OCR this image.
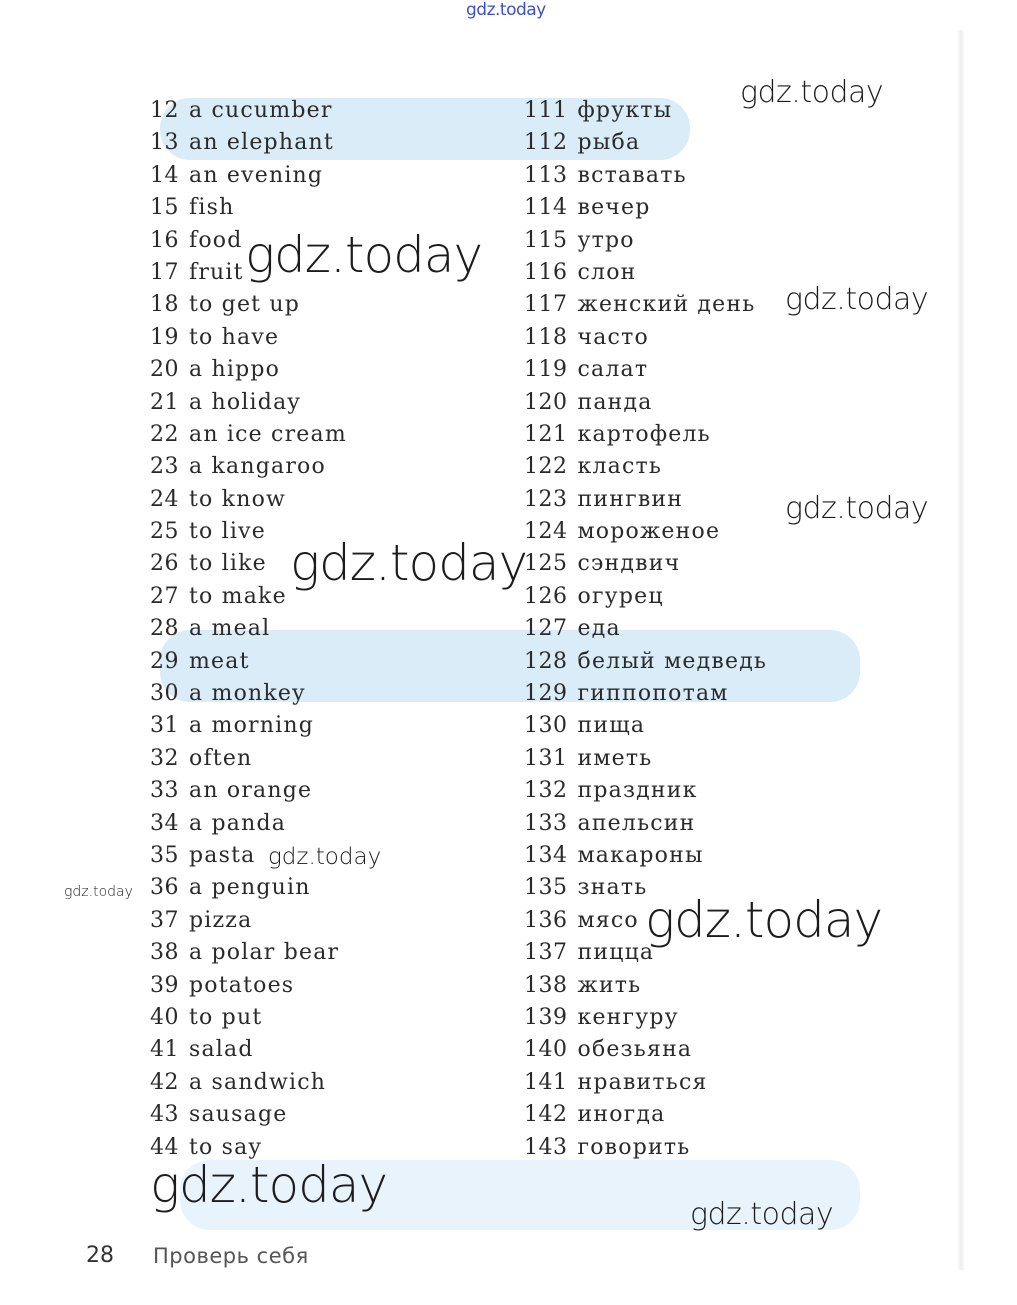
gdz.today
12 a cucumber
13 an elephant
14 an evening
15 fish
16 food
17 fruit
18 to get up
19 to have
20 a hippo
21 a holiday
22 an ice cream
23 a kangaroo
24 to know
25 to live
26 to like
27 to make
28 a meal
29 meat
30 a monkey
31 a morning
32 often
33 an orange
34 a panda
35 pasta
36 a penguin
37 pizza
38 a polar bear
39 potatoes
40 to put
41 salad
42 a sandwich
43 sausage
44 to say
111 фрукты
112 рыба
113 вставать
114 вечер
115 утро
116 слон
117 женский день
118 часто
119 салат
120 панда
121 картофель
122 класть
123 пингвин
124 мороженое
125 сэндвич
126 огурец
127 еда
128 белый медведь
129 гиппопотам
130 пища
131 иметь
132 праздник
133 апельсин
134 макароны
135 знать
136 мясо
137 пицца
138 жить
139 кенгуру
140 обезьяна
141 нравиться
142 иногда
143 говорить
gdz.today
gdz.today
gdz.today
gdz.today
gdz.today
gdz.today
gdz.today	gdz.today
gdz.today
gdz.today
28 Проверь себя
